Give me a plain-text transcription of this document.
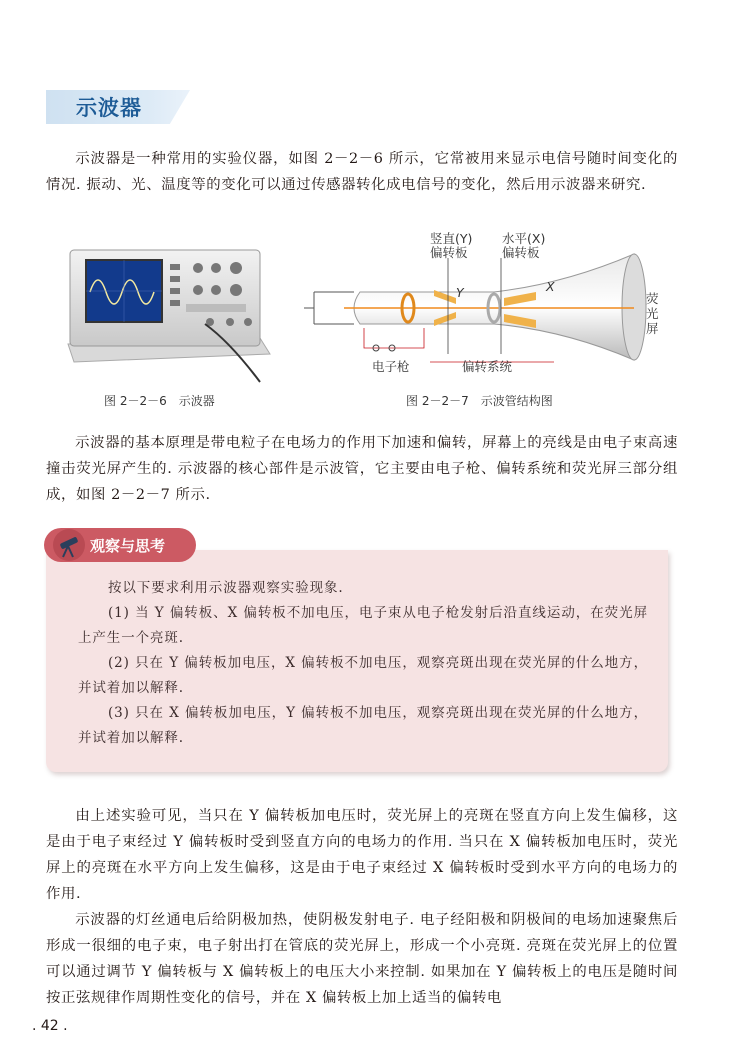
示波器
示波器是一种常用的实验仪器，如图 2－2－6 所示，它常被用来显示电信号随时间变化的情况. 振动、光、温度等的变化可以通过传感器转化成电信号的变化，然后用示波器来研究.
竖直(Y)
偏转板
水平(X)
偏转板
荧
光
屏
电子枪	偏转系统
Y	X
图 2－2－6　示波器	图 2－2－7　示波管结构图
示波器的基本原理是带电粒子在电场力的作用下加速和偏转，屏幕上的亮线是由电子束高速撞击荧光屏产生的. 示波器的核心部件是示波管，它主要由电子枪、偏转系统和荧光屏三部分组成，如图 2－2－7 所示.
观察与思考
按以下要求利用示波器观察实验现象.
(1) 当 Y 偏转板、X 偏转板不加电压，电子束从电子枪发射后沿直线运动，在荧光屏上产生一个亮斑.
(2) 只在 Y 偏转板加电压，X 偏转板不加电压，观察亮斑出现在荧光屏的什么地方，并试着加以解释.
(3) 只在 X 偏转板加电压，Y 偏转板不加电压，观察亮斑出现在荧光屏的什么地方，并试着加以解释.
由上述实验可见，当只在 Y 偏转板加电压时，荧光屏上的亮斑在竖直方向上发生偏移，这是由于电子束经过 Y 偏转板时受到竖直方向的电场力的作用. 当只在 X 偏转板加电压时，荧光屏上的亮斑在水平方向上发生偏移，这是由于电子束经过 X 偏转板时受到水平方向的电场力的作用.
示波器的灯丝通电后给阴极加热，使阴极发射电子. 电子经阳极和阴极间的电场加速聚焦后形成一很细的电子束，电子射出打在管底的荧光屏上，形成一个小亮斑. 亮斑在荧光屏上的位置可以通过调节 Y 偏转板与 X 偏转板上的电压大小来控制. 如果加在 Y 偏转板上的电压是随时间按正弦规律作周期性变化的信号，并在 X 偏转板上加上适当的偏转电
. 42 .
